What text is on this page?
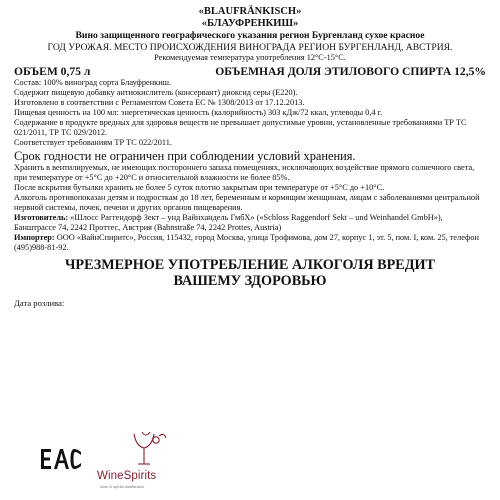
«BLAUFRÄNKISCH»
«БЛАУФРЕНКИШ»
Вино защищенного географического указания регион Бургенланд сухое красное
ГОД УРОЖАЯ. МЕСТО ПРОИСХОЖДЕНИЯ ВИНОГРАДА РЕГИОН БУРГЕНЛАНД, АВСТРИЯ.
Рекомендуемая температура употребления 12°С-15°С.
ОБЪЕМ 0,75 л	ОБЪЕМНАЯ ДОЛЯ ЭТИЛОВОГО СПИРТА 12,5%

Состав: 100% виноград сорта Блауфренкиш.

Содержит пищевую добавку антиокислитель (консервант) диоксид серы (Е220).

Изготовлено в соответствии с Регламентом Совета ЕС № 1308/2013 от 17.12.2013.

Пищевая ценность на 100 мл: энергетическая ценность (калорийность) 303 кДж/72 ккал, углеводы 0,4 г.

Содержание в продукте вредных для здоровья веществ не превышает допустимые уровни, установленные требованиями ТР ТС 021/2011, ТР ТС 029/2012.

Соответствует требованиям ТР ТС 022/2011.

Срок годности не ограничен при соблюдении условий хранения.

Хранить в вентилируемых, не имеющих постороннего запаха помещениях, исключающих воздействие прямого солнечного света, при температуре от +5°С до +20°С и относительной влажности не более 85%.

После вскрытия бутылки хранить не более 5 суток плотно закрытым при температуре от +5°С до +10°С.

Алкоголь противопоказан детям и подросткам до 18 лет, беременным и кормящим женщинам, лицам с заболеваниями центральной нервной системы, почек, печени и других органов пищеварения.

Изготовитель: «Шлосс Раггендорф Зект – унд Вайнхандель ГмбХ» («Schloss Raggendorf Sekt – und Weinhandel GmbH»), Банштрассе 74, 2242 Проттес, Австрия (Bahnstraße 74, 2242 Prottes, Austria)

Импортер: ООО «ВайнСпиритс», Россия, 115432, город Москва, улица Трофимова, дом 27, корпус 1, эт. 5, пом. I, ком. 25, телефон (495)988-81-92.

ЧРЕЗМЕРНОЕ УПОТРЕБЛЕНИЕ АЛКОГОЛЯ ВРЕДИТ
ВАШЕМУ ЗДОРОВЬЮ
Дата розлива:
WineSpirits
wine & spirits distribution
